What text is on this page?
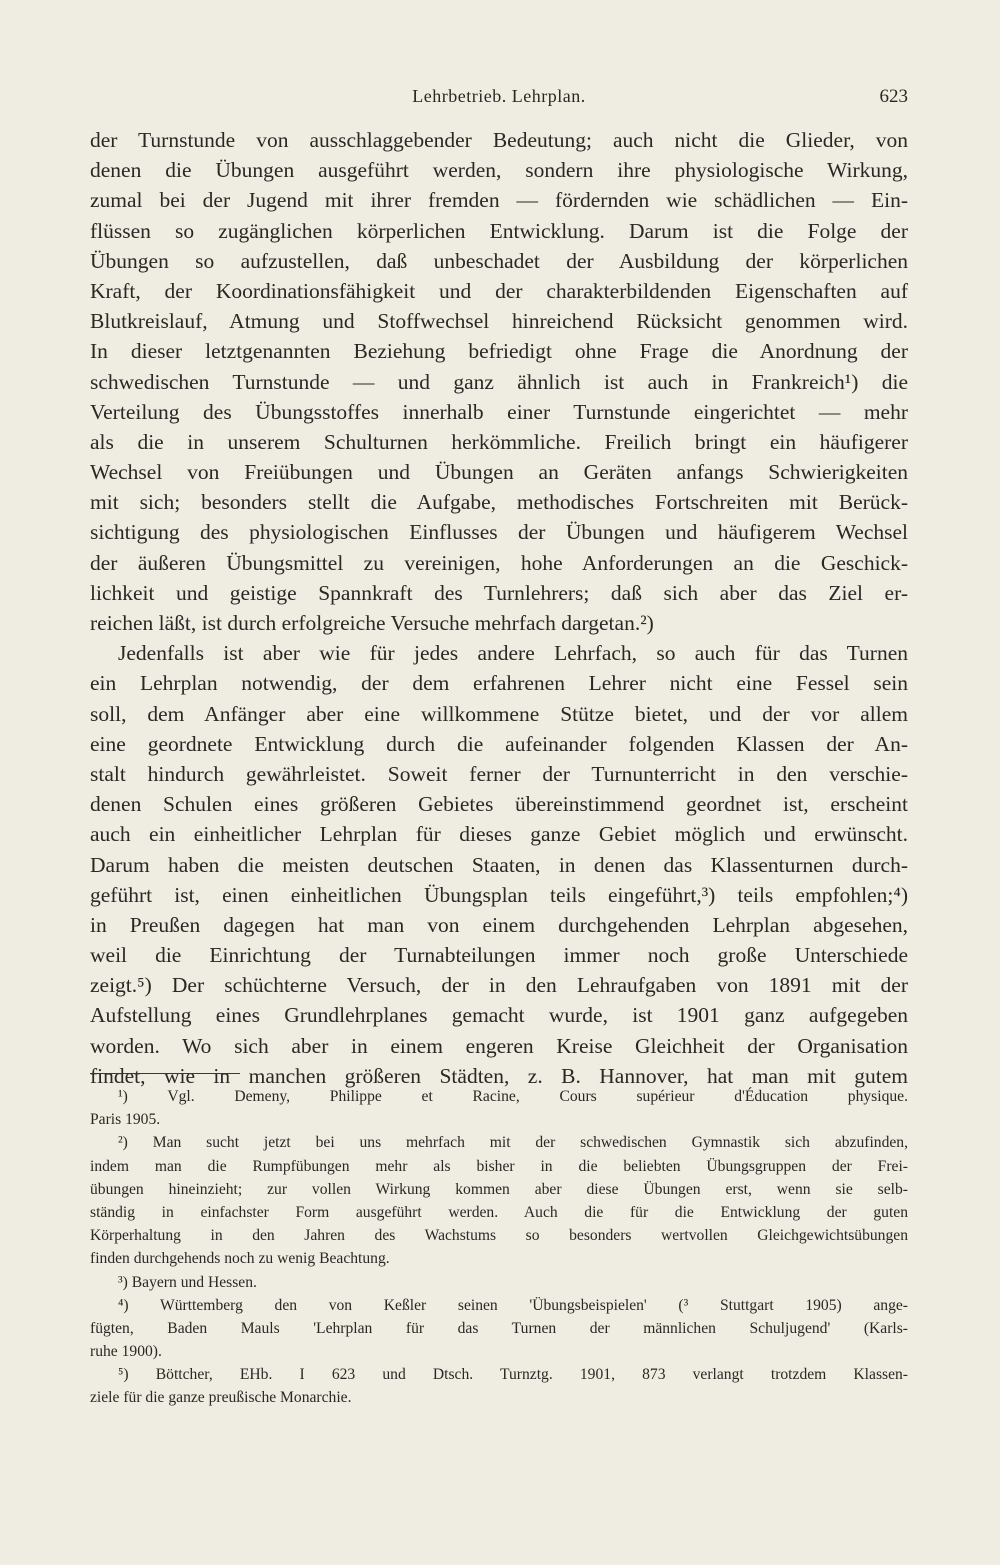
Lehrbetrieb. Lehrplan.	623
der Turnstunde von ausschlaggebender Bedeutung; auch nicht die Glieder, von
denen die Übungen ausgeführt werden, sondern ihre physiologische Wirkung,
zumal bei der Jugend mit ihrer fremden — fördernden wie schädlichen — Ein-
flüssen so zugänglichen körperlichen Entwicklung. Darum ist die Folge der
Übungen so aufzustellen, daß unbeschadet der Ausbildung der körperlichen
Kraft, der Koordinationsfähigkeit und der charakterbildenden Eigenschaften auf
Blutkreislauf, Atmung und Stoffwechsel hinreichend Rücksicht genommen wird.
In dieser letztgenannten Beziehung befriedigt ohne Frage die Anordnung der
schwedischen Turnstunde — und ganz ähnlich ist auch in Frankreich¹) die
Verteilung des Übungsstoffes innerhalb einer Turnstunde eingerichtet — mehr
als die in unserem Schulturnen herkömmliche. Freilich bringt ein häufigerer
Wechsel von Freiübungen und Übungen an Geräten anfangs Schwierigkeiten
mit sich; besonders stellt die Aufgabe, methodisches Fortschreiten mit Berück-
sichtigung des physiologischen Einflusses der Übungen und häufigerem Wechsel
der äußeren Übungsmittel zu vereinigen, hohe Anforderungen an die Geschick-
lichkeit und geistige Spannkraft des Turnlehrers; daß sich aber das Ziel er-
reichen läßt, ist durch erfolgreiche Versuche mehrfach dargetan.²)
Jedenfalls ist aber wie für jedes andere Lehrfach, so auch für das Turnen
ein Lehrplan notwendig, der dem erfahrenen Lehrer nicht eine Fessel sein
soll, dem Anfänger aber eine willkommene Stütze bietet, und der vor allem
eine geordnete Entwicklung durch die aufeinander folgenden Klassen der An-
stalt hindurch gewährleistet. Soweit ferner der Turnunterricht in den verschie-
denen Schulen eines größeren Gebietes übereinstimmend geordnet ist, erscheint
auch ein einheitlicher Lehrplan für dieses ganze Gebiet möglich und erwünscht.
Darum haben die meisten deutschen Staaten, in denen das Klassenturnen durch-
geführt ist, einen einheitlichen Übungsplan teils eingeführt,³) teils empfohlen;⁴)
in Preußen dagegen hat man von einem durchgehenden Lehrplan abgesehen,
weil die Einrichtung der Turnabteilungen immer noch große Unterschiede
zeigt.⁵) Der schüchterne Versuch, der in den Lehraufgaben von 1891 mit der
Aufstellung eines Grundlehrplanes gemacht wurde, ist 1901 ganz aufgegeben
worden. Wo sich aber in einem engeren Kreise Gleichheit der Organisation
findet, wie in manchen größeren Städten, z. B. Hannover, hat man mit gutem
¹) Vgl. Demeny, Philippe et Racine, Cours supérieur d'Éducation physique.
Paris 1905.
²) Man sucht jetzt bei uns mehrfach mit der schwedischen Gymnastik sich abzufinden,
indem man die Rumpfübungen mehr als bisher in die beliebten Übungsgruppen der Frei-
übungen hineinzieht; zur vollen Wirkung kommen aber diese Übungen erst, wenn sie selb-
ständig in einfachster Form ausgeführt werden. Auch die für die Entwicklung der guten
Körperhaltung in den Jahren des Wachstums so besonders wertvollen Gleichgewichtsübungen
finden durchgehends noch zu wenig Beachtung.
³) Bayern und Hessen.
⁴) Württemberg den von Keßler seinen 'Übungsbeispielen' (³ Stuttgart 1905) ange-
fügten, Baden Mauls 'Lehrplan für das Turnen der männlichen Schuljugend' (Karls-
ruhe 1900).
⁵) Böttcher, EHb. I 623 und Dtsch. Turnztg. 1901, 873 verlangt trotzdem Klassen-
ziele für die ganze preußische Monarchie.
